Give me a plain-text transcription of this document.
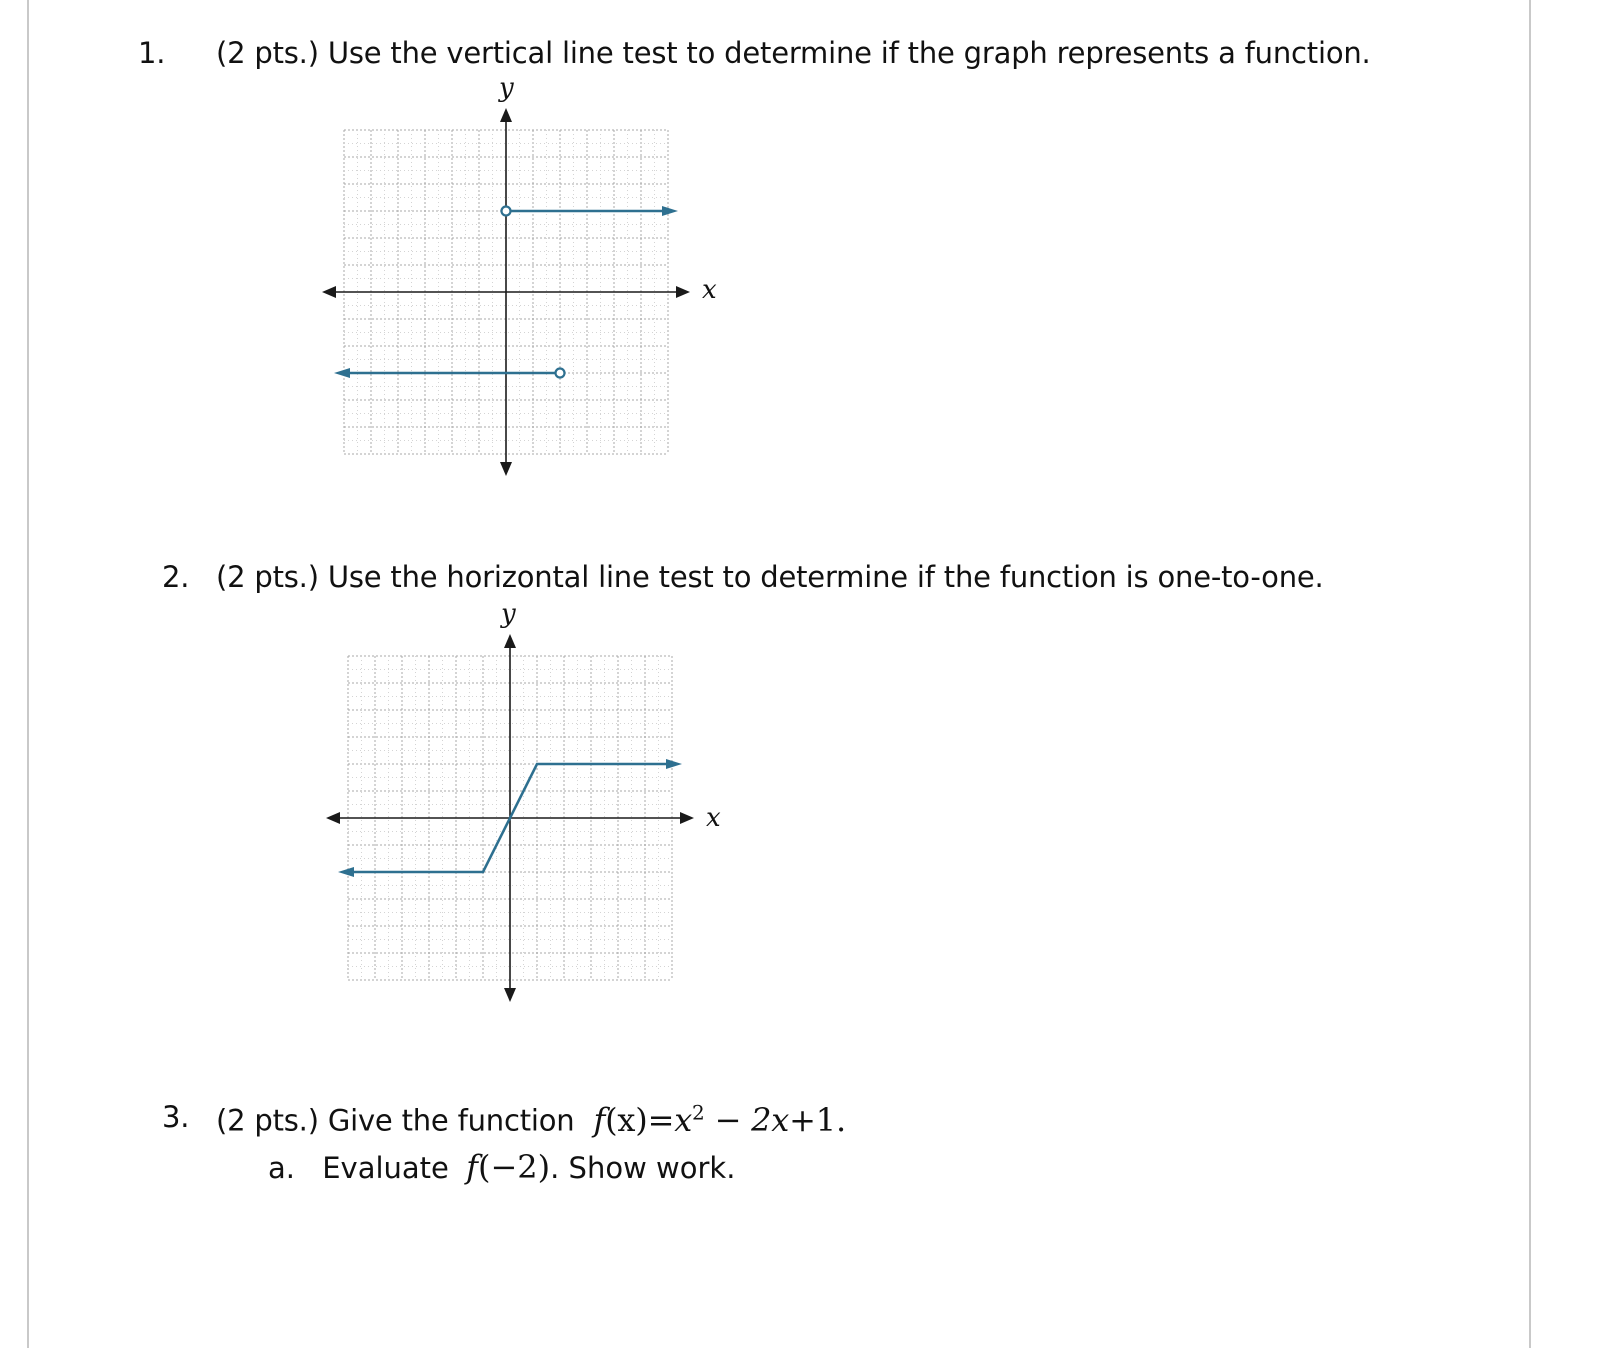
1. (2 pts.) Use the vertical line test to determine if the graph represents a function.
y
x
2. (2 pts.) Use the horizontal line test to determine if the function is one-to-one.
y
x
3. (2 pts.) Give the function $f(x)=x^2 - 2x+1$.
a. Evaluate f(−2). Show work.
